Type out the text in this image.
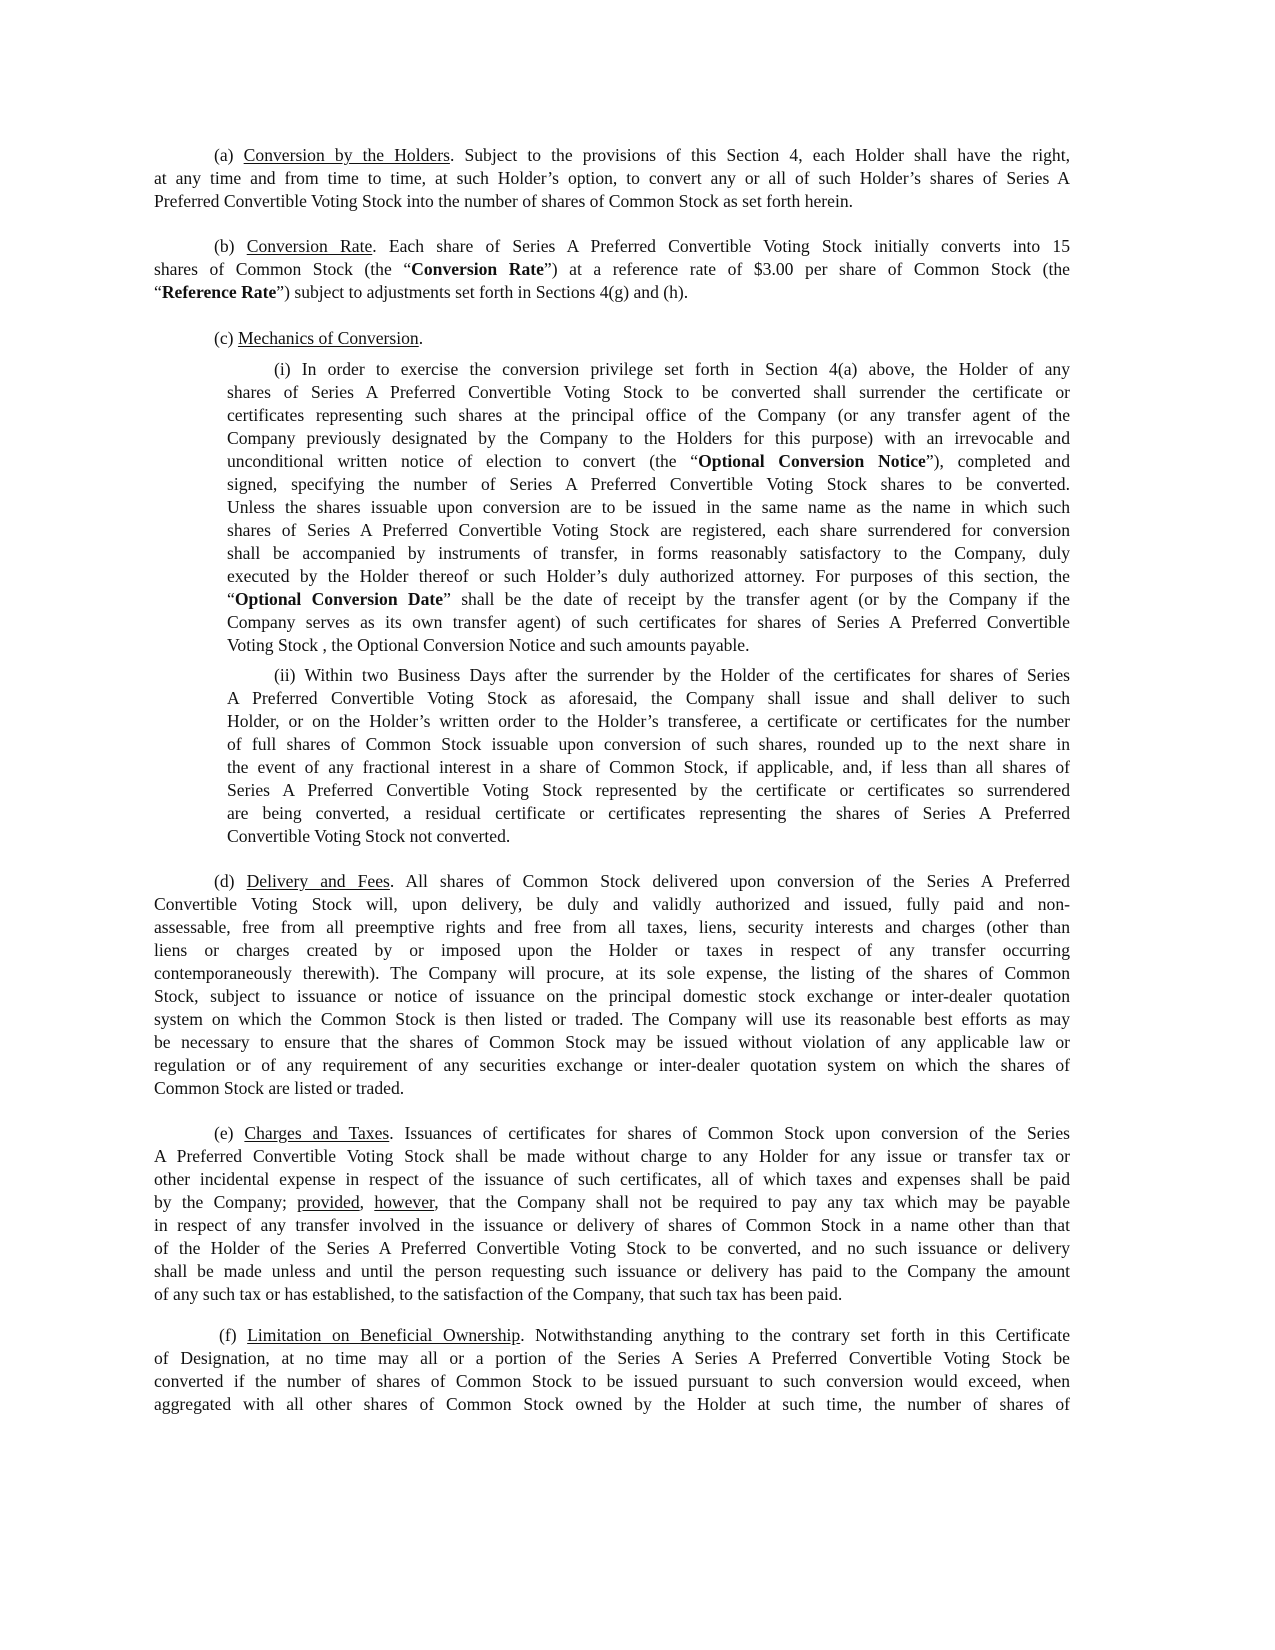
(a) Conversion by the Holders. Subject to the provisions of this Section 4, each Holder shall have the right,
at any time and from time to time, at such Holder’s option, to convert any or all of such Holder’s shares of Series A
Preferred Convertible Voting Stock into the number of shares of Common Stock as set forth herein.
(b) Conversion Rate. Each share of Series A Preferred Convertible Voting Stock initially converts into 15
shares of Common Stock (the “Conversion Rate”) at a reference rate of $3.00 per share of Common Stock (the
“Reference Rate”) subject to adjustments set forth in Sections 4(g) and (h).
(c) Mechanics of Conversion.
(i) In order to exercise the conversion privilege set forth in Section 4(a) above, the Holder of any
shares of Series A Preferred Convertible Voting Stock to be converted shall surrender the certificate or
certificates representing such shares at the principal office of the Company (or any transfer agent of the
Company previously designated by the Company to the Holders for this purpose) with an irrevocable and
unconditional written notice of election to convert (the “Optional Conversion Notice”), completed and
signed, specifying the number of Series A Preferred Convertible Voting Stock shares to be converted.
Unless the shares issuable upon conversion are to be issued in the same name as the name in which such
shares of Series A Preferred Convertible Voting Stock are registered, each share surrendered for conversion
shall be accompanied by instruments of transfer, in forms reasonably satisfactory to the Company, duly
executed by the Holder thereof or such Holder’s duly authorized attorney. For purposes of this section, the
“Optional Conversion Date” shall be the date of receipt by the transfer agent (or by the Company if the
Company serves as its own transfer agent) of such certificates for shares of Series A Preferred Convertible
Voting Stock , the Optional Conversion Notice and such amounts payable.
(ii) Within two Business Days after the surrender by the Holder of the certificates for shares of Series
A Preferred Convertible Voting Stock as aforesaid, the Company shall issue and shall deliver to such
Holder, or on the Holder’s written order to the Holder’s transferee, a certificate or certificates for the number
of full shares of Common Stock issuable upon conversion of such shares, rounded up to the next share in
the event of any fractional interest in a share of Common Stock, if applicable, and, if less than all shares of
Series A Preferred Convertible Voting Stock represented by the certificate or certificates so surrendered
are being converted, a residual certificate or certificates representing the shares of Series A Preferred
Convertible Voting Stock not converted.
(d) Delivery and Fees. All shares of Common Stock delivered upon conversion of the Series A Preferred
Convertible Voting Stock will, upon delivery, be duly and validly authorized and issued, fully paid and non-
assessable, free from all preemptive rights and free from all taxes, liens, security interests and charges (other than
liens or charges created by or imposed upon the Holder or taxes in respect of any transfer occurring
contemporaneously therewith). The Company will procure, at its sole expense, the listing of the shares of Common
Stock, subject to issuance or notice of issuance on the principal domestic stock exchange or inter-dealer quotation
system on which the Common Stock is then listed or traded. The Company will use its reasonable best efforts as may
be necessary to ensure that the shares of Common Stock may be issued without violation of any applicable law or
regulation or of any requirement of any securities exchange or inter-dealer quotation system on which the shares of
Common Stock are listed or traded.
(e) Charges and Taxes. Issuances of certificates for shares of Common Stock upon conversion of the Series
A Preferred Convertible Voting Stock shall be made without charge to any Holder for any issue or transfer tax or
other incidental expense in respect of the issuance of such certificates, all of which taxes and expenses shall be paid
by the Company; provided, however, that the Company shall not be required to pay any tax which may be payable
in respect of any transfer involved in the issuance or delivery of shares of Common Stock in a name other than that
of the Holder of the Series A Preferred Convertible Voting Stock to be converted, and no such issuance or delivery
shall be made unless and until the person requesting such issuance or delivery has paid to the Company the amount
of any such tax or has established, to the satisfaction of the Company, that such tax has been paid.
(f) Limitation on Beneficial Ownership. Notwithstanding anything to the contrary set forth in this Certificate
of Designation, at no time may all or a portion of the Series A Series A Preferred Convertible Voting Stock be
converted if the number of shares of Common Stock to be issued pursuant to such conversion would exceed, when
aggregated with all other shares of Common Stock owned by the Holder at such time, the number of shares of
